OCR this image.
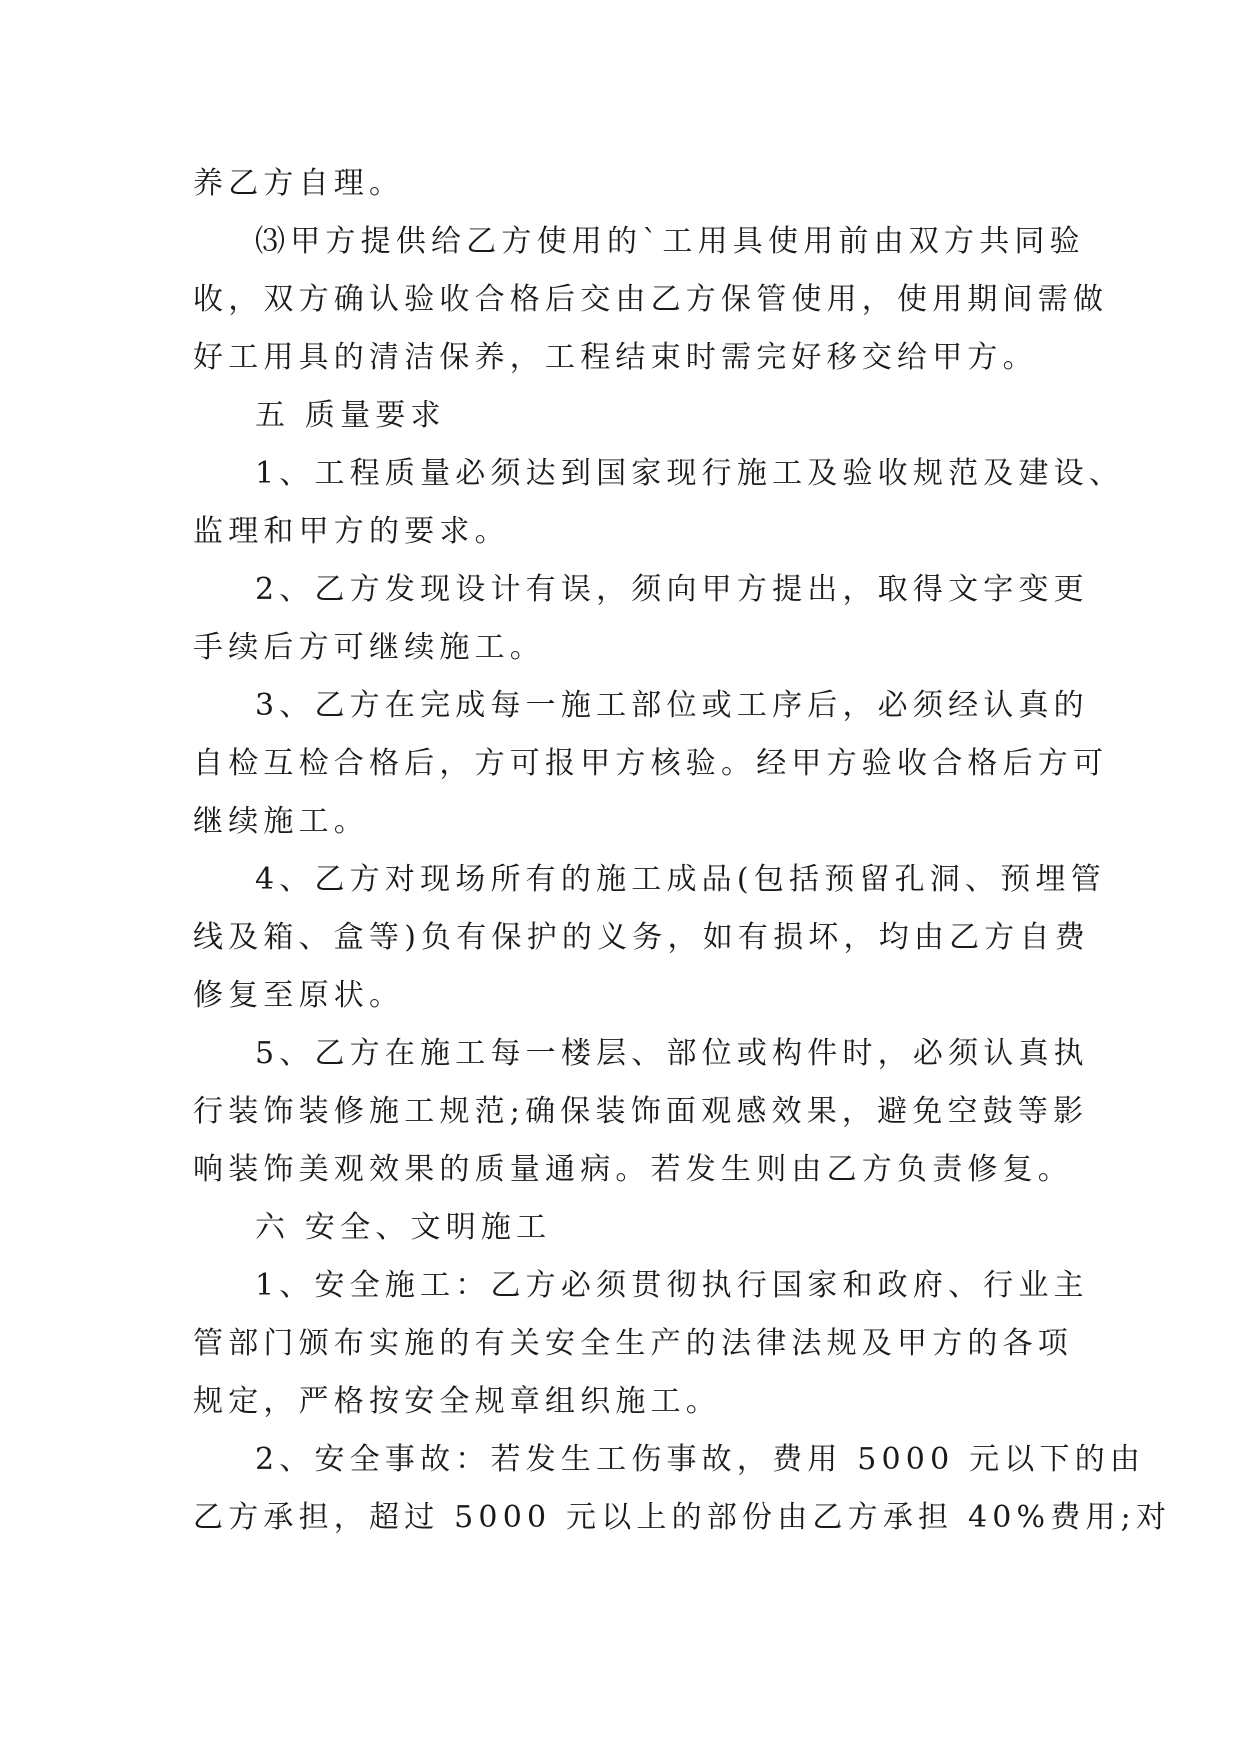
养乙方自理。
⑶甲方提供给乙方使用的`工用具使用前由双方共同验
收，双方确认验收合格后交由乙方保管使用，使用期间需做
好工用具的清洁保养，工程结束时需完好移交给甲方。
五 质量要求
1、工程质量必须达到国家现行施工及验收规范及建设、
监理和甲方的要求。
2、乙方发现设计有误，须向甲方提出，取得文字变更
手续后方可继续施工。
3、乙方在完成每一施工部位或工序后，必须经认真的
自检互检合格后，方可报甲方核验。经甲方验收合格后方可
继续施工。
4、乙方对现场所有的施工成品(包括预留孔洞、预埋管
线及箱、盒等)负有保护的义务，如有损坏，均由乙方自费
修复至原状。
5、乙方在施工每一楼层、部位或构件时，必须认真执
行装饰装修施工规范;确保装饰面观感效果，避免空鼓等影
响装饰美观效果的质量通病。若发生则由乙方负责修复。
六 安全、文明施工
1、安全施工：乙方必须贯彻执行国家和政府、行业主
管部门颁布实施的有关安全生产的法律法规及甲方的各项
规定，严格按安全规章组织施工。
2、安全事故：若发生工伤事故，费用 5000 元以下的由
乙方承担，超过 5000 元以上的部份由乙方承担 40%费用;对
